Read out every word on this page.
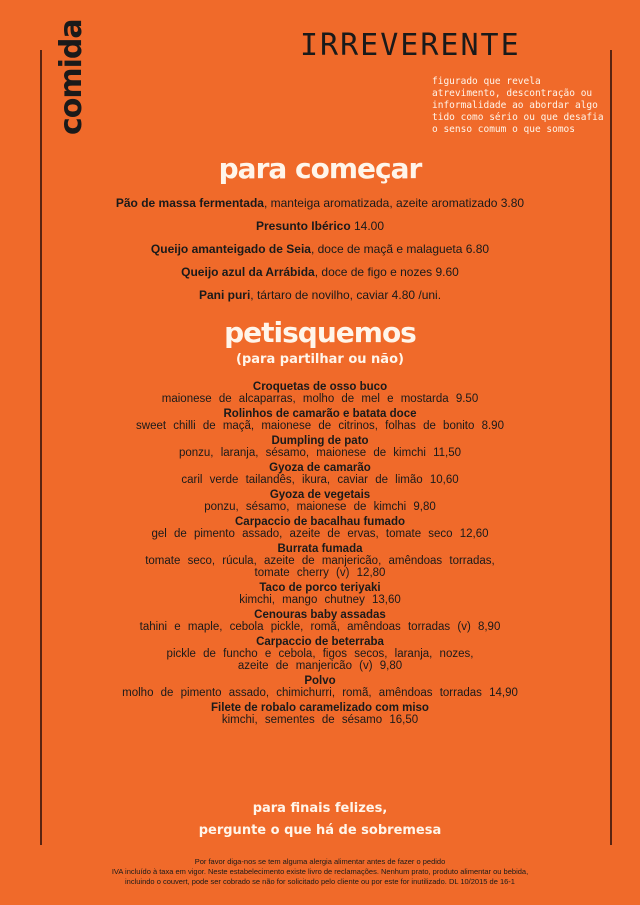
comida	IRREVERENTE
figurado que revela atrevimento, descontração ou informalidade ao abordar algo tido como sério ou que desafia o senso comum o que somos
para começar
Pão de massa fermentada, manteiga aromatizada, azeite aromatizado 3.80
Presunto Ibérico 14.00
Queijo amanteigado de Seia, doce de maçã e malagueta 6.80
Queijo azul da Arrábida, doce de figo e nozes 9.60
Pani puri, tártaro de novilho, caviar 4.80 /uni.
petisquemos
(para partilhar ou não)
Croquetas de osso buco
maionese de alcaparras, molho de mel e mostarda 9.50
Rolinhos de camarão e batata doce
sweet chilli de maçã, maionese de citrinos, folhas de bonito 8.90
Dumpling de pato
ponzu, laranja, sésamo, maionese de kimchi 11,50
Gyoza de camarão
caril verde tailandês, ikura, caviar de limão 10,60
Gyoza de vegetais
ponzu, sésamo, maionese de kimchi 9,80
Carpaccio de bacalhau fumado
gel de pimento assado, azeite de ervas, tomate seco 12,60
Burrata fumada
tomate seco, rúcula, azeite de manjericão, amêndoas torradas,
tomate cherry (v) 12,80
Taco de porco teriyaki
kimchi, mango chutney 13,60
Cenouras baby assadas
tahini e maple, cebola pickle, romã, amêndoas torradas (v) 8,90
Carpaccio de beterraba
pickle de funcho e cebola, figos secos, laranja, nozes,
azeite de manjericão (v) 9,80
Polvo
molho de pimento assado, chimichurri, romã, amêndoas torradas 14,90
Filete de robalo caramelizado com miso
kimchi, sementes de sésamo 16,50
para finais felizes,
pergunte o que há de sobremesa
Por favor diga-nos se tem alguma alergia alimentar antes de fazer o pedido
IVA incluído à taxa em vigor. Neste estabelecimento existe livro de reclamações. Nenhum prato, produto alimentar ou bebida,
incluindo o couvert, pode ser cobrado se não for solicitado pelo cliente ou por este for inutilizado. DL 10/2015 de 16-1
